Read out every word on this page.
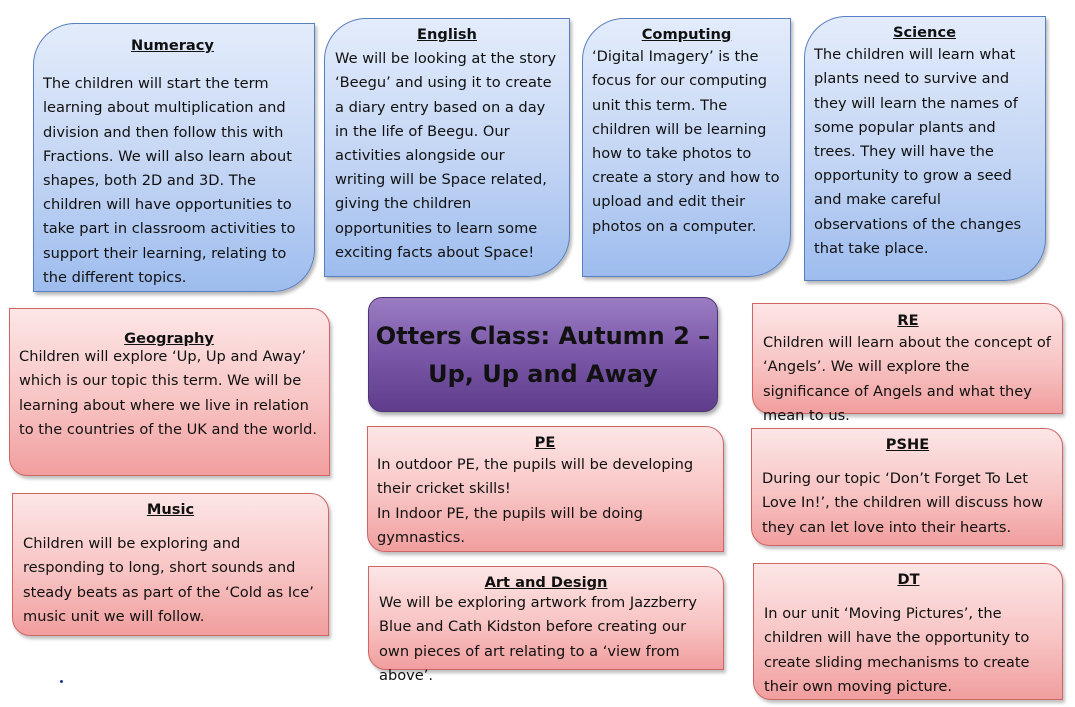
Numeracy
The children will start the term learning about multiplication and division and then follow this with Fractions. We will also learn about shapes, both 2D and 3D. The children will have opportunities to take part in classroom activities to support their learning, relating to the different topics.
English
We will be looking at the story ‘Beegu’ and using it to create a diary entry based on a day in the life of Beegu. Our activities alongside our writing will be Space related, giving the children opportunities to learn some exciting facts about Space!
Computing
‘Digital Imagery’ is the focus for our computing unit this term. The children will be learning how to take photos to create a story and how to upload and edit their photos on a computer.
Science
The children will learn what plants need to survive and they will learn the names of some popular plants and trees. They will have the opportunity to grow a seed and make careful observations of the changes that take place.
Otters Class: Autumn 2 –
Up, Up and Away
Geography
Children will explore ‘Up, Up and Away’ which is our topic this term. We will be learning about where we live in relation to the countries of the UK and the world.
Music
Children will be exploring and responding to long, short sounds and steady beats as part of the ‘Cold as Ice’ music unit we will follow.
PE
In outdoor PE, the pupils will be developing their cricket skills!
In Indoor PE, the pupils will be doing gymnastics.
Art and Design
We will be exploring artwork from Jazzberry Blue and Cath Kidston before creating our own pieces of art relating to a ‘view from above’.
RE
Children will learn about the concept of ‘Angels’. We will explore the significance of Angels and what they mean to us.
PSHE
During our topic ‘Don’t Forget To Let Love In!’, the children will discuss how they can let love into their hearts.
DT
In our unit ‘Moving Pictures’, the children will have the opportunity to create sliding mechanisms to create their own moving picture.
